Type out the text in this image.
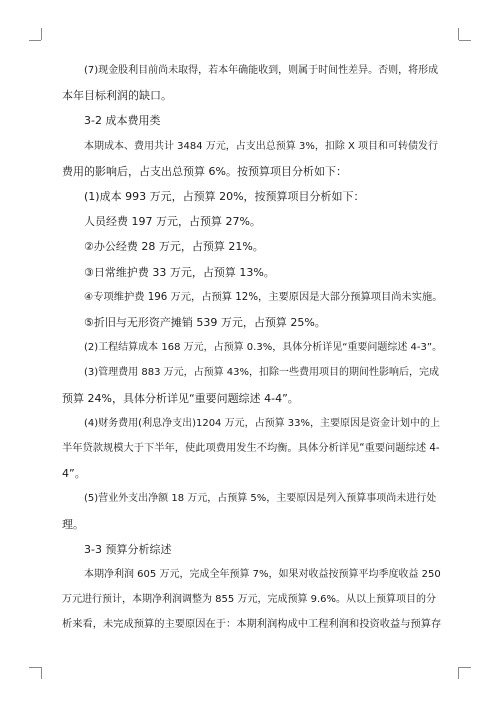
(7)现金股利目前尚未取得，若本年确能收到，则属于时间性差异。否则，将形成
本年目标利润的缺口。
3-2 成本费用类
本期成本、费用共计 3484 万元，占支出总预算 3%，扣除 X 项目和可转债发行
费用的影响后，占支出总预算 6%。按预算项目分析如下：
(1)成本 993 万元，占预算 20%，按预算项目分析如下：
人员经费 197 万元，占预算 27%。
②办公经费 28 万元，占预算 21%。
③日常维护费 33 万元，占预算 13%。
④专项维护费 196 万元，占预算 12%，主要原因是大部分预算项目尚未实施。
⑤折旧与无形资产摊销 539 万元，占预算 25%。
(2)工程结算成本 168 万元，占预算 0.3%，具体分析详见“重要问题综述 4-3”。
(3)管理费用 883 万元，占预算 43%，扣除一些费用项目的期间性影响后，完成
预算 24%，具体分析详见“重要问题综述 4-4”。
(4)财务费用(利息净支出)1204 万元，占预算 33%，主要原因是资金计划中的上
半年贷款规模大于下半年，使此项费用发生不均衡。具体分析详见“重要问题综述 4-
4”。
(5)营业外支出净额 18 万元，占预算 5%，主要原因是列入预算事项尚未进行处
理。
3-3 预算分析综述
本期净利润 605 万元，完成全年预算 7%，如果对收益按预算平均季度收益 250
万元进行预计，本期净利润调整为 855 万元，完成预算 9.6%。从以上预算项目的分
析来看，未完成预算的主要原因在于：本期利润构成中工程利润和投资收益与预算存
